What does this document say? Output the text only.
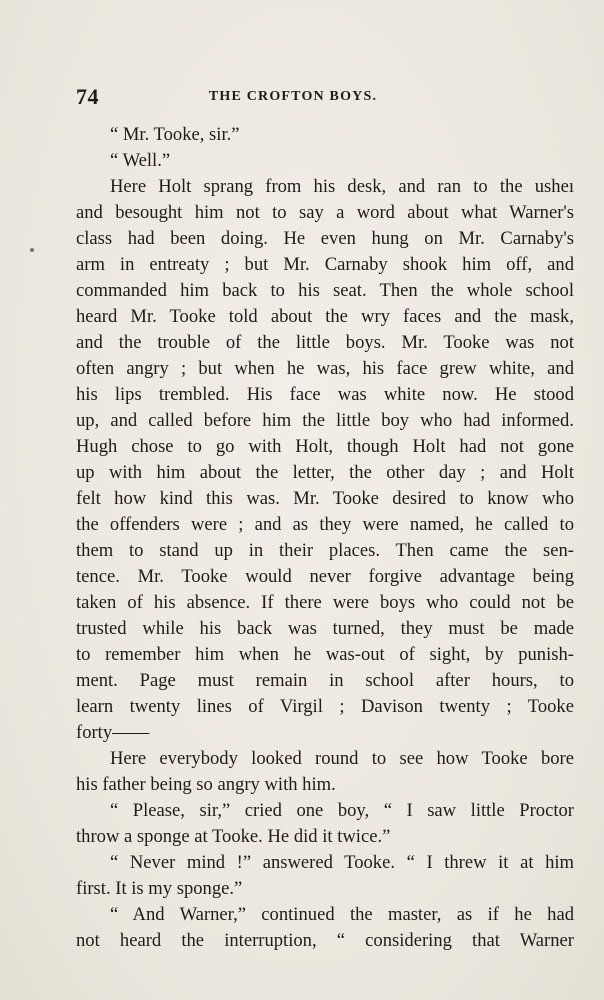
74	THE CROFTON BOYS.
“ Mr. Tooke, sir.”
“ Well.”
Here Holt sprang from his desk, and ran to the usheı
and besought him not to say a word about what Warner's
class had been doing. He even hung on Mr. Carnaby's
arm in entreaty ; but Mr. Carnaby shook him off, and
commanded him back to his seat. Then the whole school
heard Mr. Tooke told about the wry faces and the mask,
and the trouble of the little boys. Mr. Tooke was not
often angry ; but when he was, his face grew white, and
his lips trembled. His face was white now. He stood
up, and called before him the little boy who had informed.
Hugh chose to go with Holt, though Holt had not gone
up with him about the letter, the other day ; and Holt
felt how kind this was. Mr. Tooke desired to know who
the offenders were ; and as they were named, he called to
them to stand up in their places. Then came the sen-
tence. Mr. Tooke would never forgive advantage being
taken of his absence. If there were boys who could not be
trusted while his back was turned, they must be made
to remember him when he was-out of sight, by punish-
ment. Page must remain in school after hours, to
learn twenty lines of Virgil ; Davison twenty ; Tooke
forty——
Here everybody looked round to see how Tooke bore
his father being so angry with him.
“ Please, sir,” cried one boy, “ I saw little Proctor
throw a sponge at Tooke. He did it twice.”
“ Never mind !” answered Tooke. “ I threw it at him
first. It is my sponge.”
“ And Warner,” continued the master, as if he had
not heard the interruption, “ considering that Warner
